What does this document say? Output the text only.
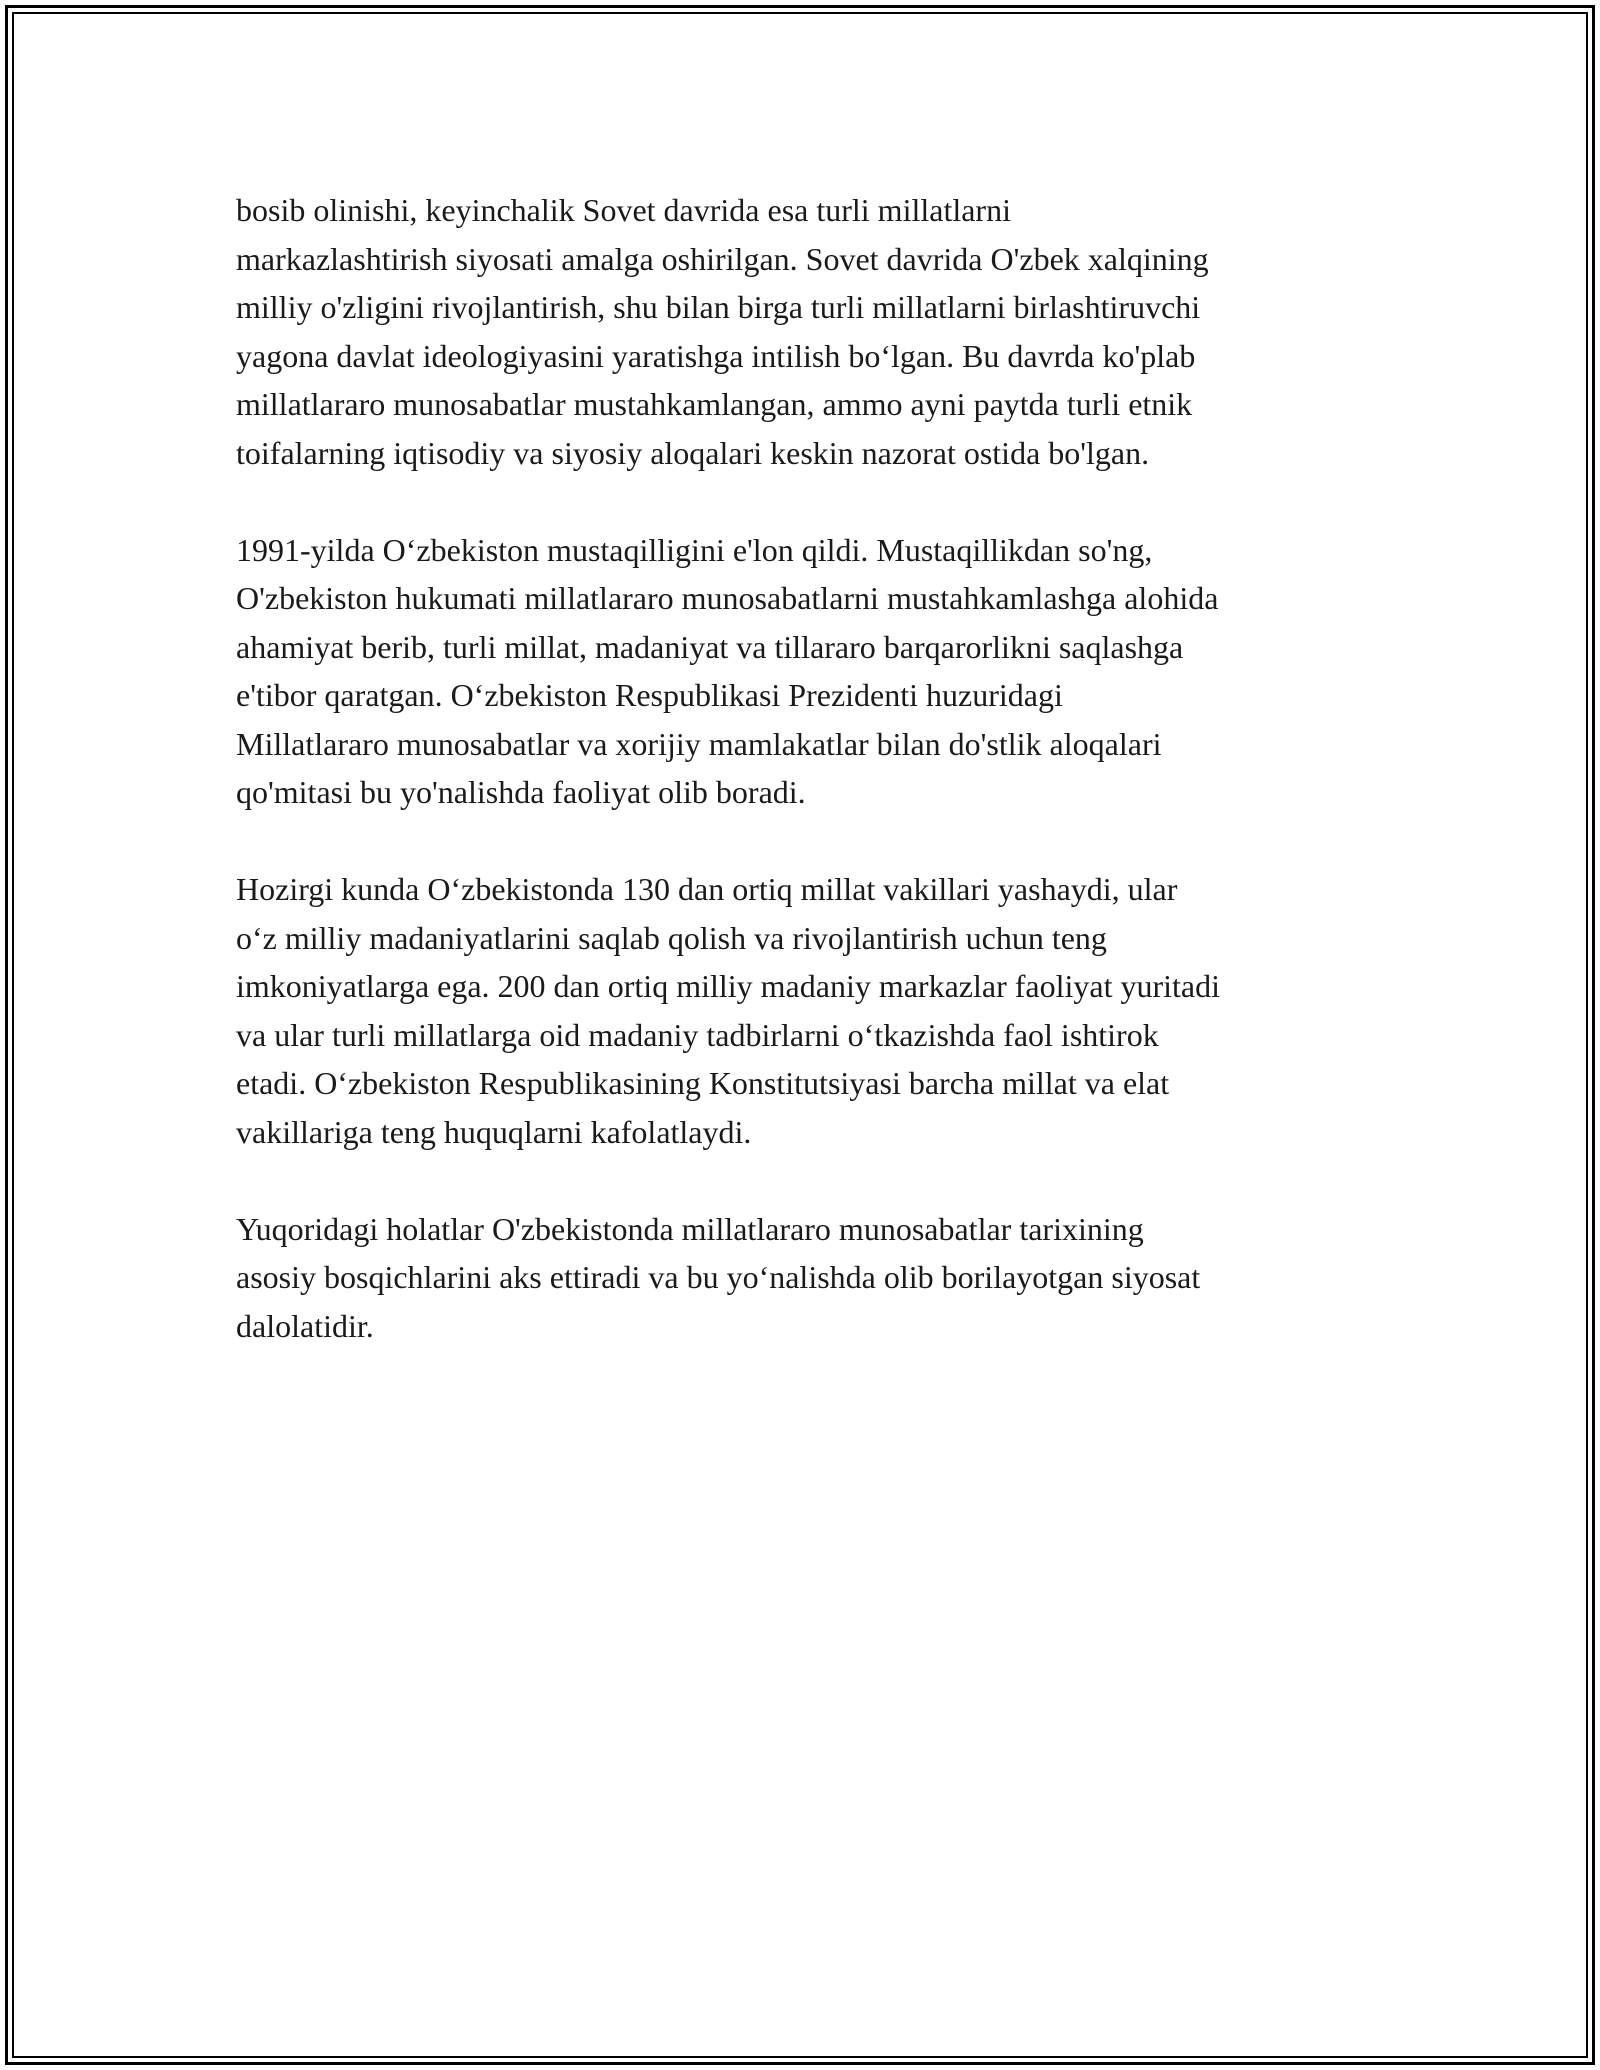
bosib olinishi, keyinchalik Sovet davrida esa turli millatlarni
markazlashtirish siyosati amalga oshirilgan. Sovet davrida O'zbek xalqining
milliy o'zligini rivojlantirish, shu bilan birga turli millatlarni birlashtiruvchi
yagona davlat ideologiyasini yaratishga intilish bo‘lgan. Bu davrda ko'plab
millatlararo munosabatlar mustahkamlangan, ammo ayni paytda turli etnik
toifalarning iqtisodiy va siyosiy aloqalari keskin nazorat ostida bo'lgan.

1991-yilda O‘zbekiston mustaqilligini e'lon qildi. Mustaqillikdan so'ng,
O'zbekiston hukumati millatlararo munosabatlarni mustahkamlashga alohida
ahamiyat berib, turli millat, madaniyat va tillararo barqarorlikni saqlashga
e'tibor qaratgan. O‘zbekiston Respublikasi Prezidenti huzuridagi
Millatlararo munosabatlar va xorijiy mamlakatlar bilan do'stlik aloqalari
qo'mitasi bu yo'nalishda faoliyat olib boradi.

Hozirgi kunda O‘zbekistonda 130 dan ortiq millat vakillari yashaydi, ular
o‘z milliy madaniyatlarini saqlab qolish va rivojlantirish uchun teng
imkoniyatlarga ega. 200 dan ortiq milliy madaniy markazlar faoliyat yuritadi
va ular turli millatlarga oid madaniy tadbirlarni o‘tkazishda faol ishtirok
etadi. O‘zbekiston Respublikasining Konstitutsiyasi barcha millat va elat
vakillariga teng huquqlarni kafolatlaydi.

Yuqoridagi holatlar O'zbekistonda millatlararo munosabatlar tarixining
asosiy bosqichlarini aks ettiradi va bu yo‘nalishda olib borilayotgan siyosat
dalolatidir.
